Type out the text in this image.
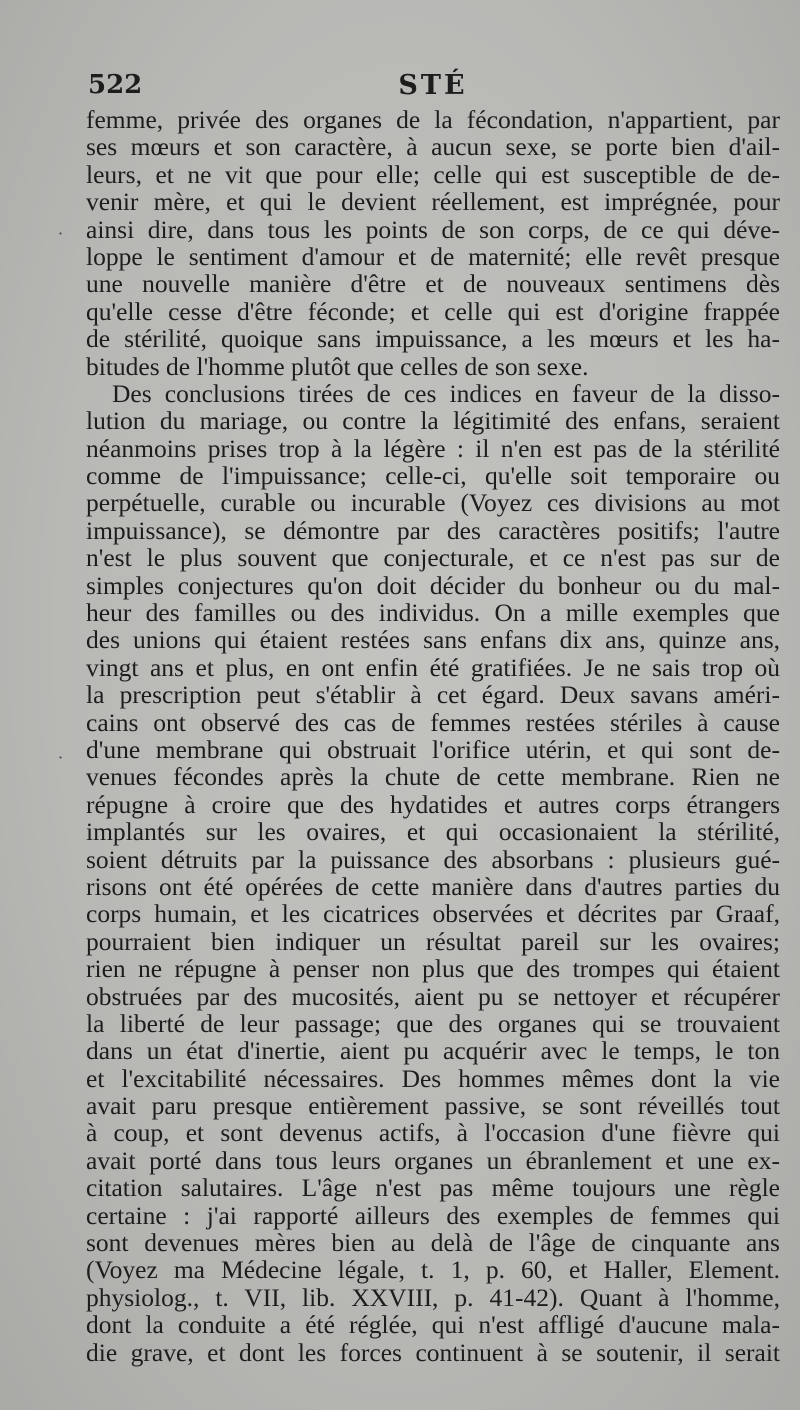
522	STÉ
·
·
femme, privée des organes de la fécondation, n'appartient, par
ses mœurs et son caractère, à aucun sexe, se porte bien d'ail-
leurs, et ne vit que pour elle; celle qui est susceptible de de-
venir mère, et qui le devient réellement, est imprégnée, pour
ainsi dire, dans tous les points de son corps, de ce qui déve-
loppe le sentiment d'amour et de maternité; elle revêt presque
une nouvelle manière d'être et de nouveaux sentimens dès
qu'elle cesse d'être féconde; et celle qui est d'origine frappée
de stérilité, quoique sans impuissance, a les mœurs et les ha-
bitudes de l'homme plutôt que celles de son sexe.
Des conclusions tirées de ces indices en faveur de la disso-
lution du mariage, ou contre la légitimité des enfans, seraient
néanmoins prises trop à la légère : il n'en est pas de la stérilité
comme de l'impuissance; celle-ci, qu'elle soit temporaire ou
perpétuelle, curable ou incurable (Voyez ces divisions au mot
impuissance), se démontre par des caractères positifs; l'autre
n'est le plus souvent que conjecturale, et ce n'est pas sur de
simples conjectures qu'on doit décider du bonheur ou du mal-
heur des familles ou des individus. On a mille exemples que
des unions qui étaient restées sans enfans dix ans, quinze ans,
vingt ans et plus, en ont enfin été gratifiées. Je ne sais trop où
la prescription peut s'établir à cet égard. Deux savans améri-
cains ont observé des cas de femmes restées stériles à cause
d'une membrane qui obstruait l'orifice utérin, et qui sont de-
venues fécondes après la chute de cette membrane. Rien ne
répugne à croire que des hydatides et autres corps étrangers
implantés sur les ovaires, et qui occasionaient la stérilité,
soient détruits par la puissance des absorbans : plusieurs gué-
risons ont été opérées de cette manière dans d'autres parties du
corps humain, et les cicatrices observées et décrites par Graaf,
pourraient bien indiquer un résultat pareil sur les ovaires;
rien ne répugne à penser non plus que des trompes qui étaient
obstruées par des mucosités, aient pu se nettoyer et récupérer
la liberté de leur passage; que des organes qui se trouvaient
dans un état d'inertie, aient pu acquérir avec le temps, le ton
et l'excitabilité nécessaires. Des hommes mêmes dont la vie
avait paru presque entièrement passive, se sont réveillés tout
à coup, et sont devenus actifs, à l'occasion d'une fièvre qui
avait porté dans tous leurs organes un ébranlement et une ex-
citation salutaires. L'âge n'est pas même toujours une règle
certaine : j'ai rapporté ailleurs des exemples de femmes qui
sont devenues mères bien au delà de l'âge de cinquante ans
(Voyez ma Médecine légale, t. 1, p. 60, et Haller, Element.
physiolog., t. VII, lib. XXVIII, p. 41-42). Quant à l'homme,
dont la conduite a été réglée, qui n'est affligé d'aucune mala-
die grave, et dont les forces continuent à se soutenir, il serait
